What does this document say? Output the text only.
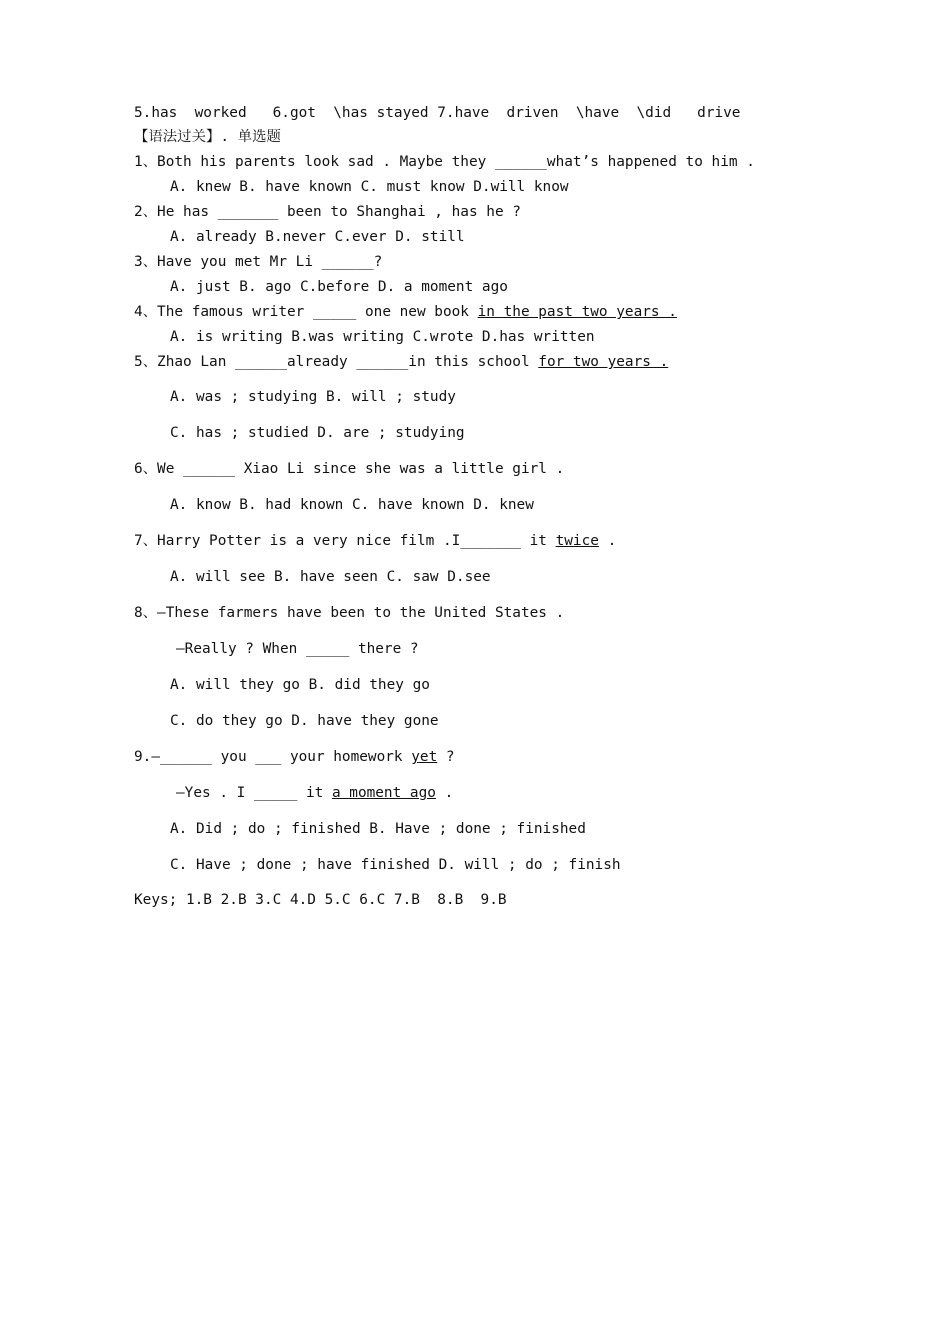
5.has  worked   6.got  \has stayed 7.have  driven  \have  \did   drive
【语法过关】. 单选题
1、Both his parents look sad . Maybe they ______what’s happened to him .
A. knew B. have known C. must know D.will know
2、He has _______ been to Shanghai , has he ?
A. already B.never C.ever D. still
3、Have you met Mr Li ______?
A. just B. ago C.before D. a moment ago
4、The famous writer _____ one new book in the past two years .
A. is writing B.was writing C.wrote D.has written
5、Zhao Lan ______already ______in this school for two years .
A. was ; studying B. will ; study
C. has ; studied D. are ; studying
6、We ______ Xiao Li since she was a little girl .
A. know B. had known C. have known D. knew
7、Harry Potter is a very nice film .I_______ it twice .
A. will see B. have seen C. saw D.see
8、—These farmers have been to the United States .
—Really ? When _____ there ?
A. will they go B. did they go
C. do they go D. have they gone
9.—______ you ___ your homework yet ?
—Yes . I _____ it a moment ago .
A. Did ; do ; finished B. Have ; done ; finished
C. Have ; done ; have finished D. will ; do ; finish
Keys; 1.B 2.B 3.C 4.D 5.C 6.C 7.B  8.B  9.B
